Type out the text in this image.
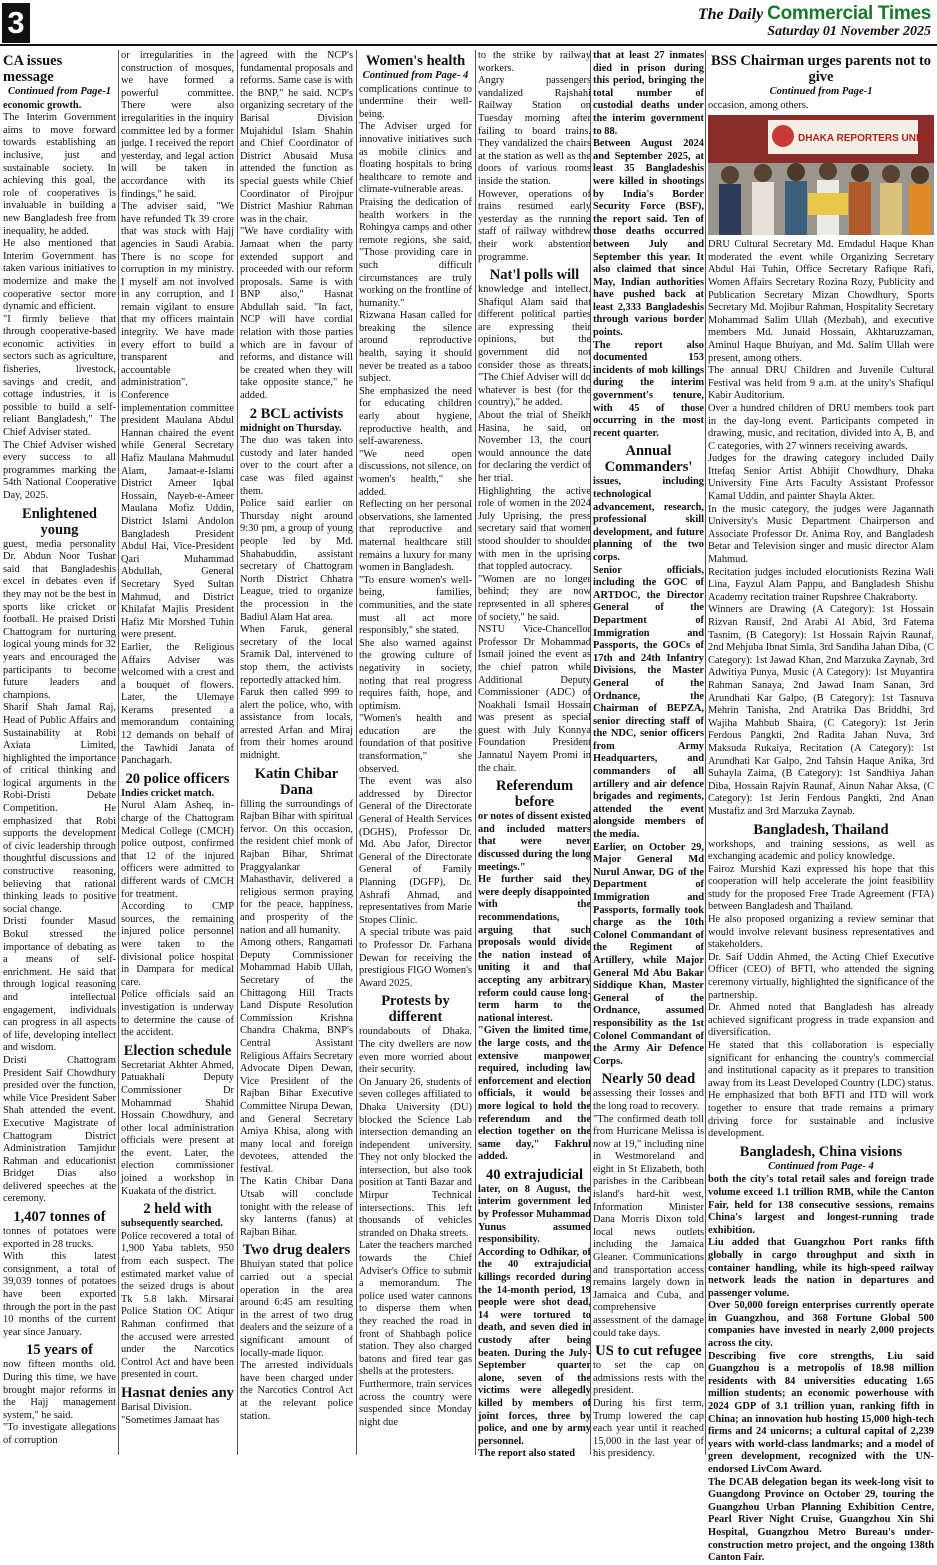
3	The Daily Commercial Times
Saturday 01 November 2025
CA issues message
Continued from Page-1

economic growth.

The Interim Government aims to move forward towards establishing an inclusive, just and sustainable society. In achieving this goal, the role of cooperatives is invaluable in building a new Bangladesh free from inequality, he added.

He also mentioned that Interim Government has taken various initiatives to modernize and make the cooperative sector more dynamic and efficient.

"I firmly believe that through cooperative-based economic activities in sectors such as agriculture, fisheries, livestock, savings and credit, and cottage industries, it is possible to build a self-reliant Bangladesh," The Chief Adviser stated.

The Chief Adviser wished every success to all programmes marking the 54th National Cooperative Day, 2025.

Enlightened young

guest, media personality Dr. Abdun Noor Tushar said that Bangladeshis excel in debates even if they may not be the best in sports like cricket or football. He praised Dristi Chattogram for nurturing logical young minds for 32 years and encouraged the participants to become future leaders and champions.

Sharif Shah Jamal Raj, Head of Public Affairs and Sustainability at Robi Axiata Limited, highlighted the importance of critical thinking and logical arguments in the Robi-Dristi Debate Competition. He emphasized that Robi supports the development of civic leadership through thoughtful discussions and constructive reasoning, believing that rational thinking leads to positive social change.

Dristi founder Masud Bokul stressed the importance of debating as a means of self-enrichment. He said that through logical reasoning and intellectual engagement, individuals can progress in all aspects of life, developing intellect and wisdom.

Dristi Chattogram President Saif Chowdhury presided over the function, while Vice President Saber Shah attended the event. Executive Magistrate of Chattogram District Administration Tamjidur Rahman and educationist Bridget Dias also delivered speeches at the ceremony.

1,407 tonnes of

tonnes of potatoes were exported in 28 trucks.

With this latest consignment, a total of 39,039 tonnes of potatoes have been exported through the port in the past 10 months of the current year since January.

15 years of

now fifteen months old. During this time, we have brought major reforms in the Hajj management system," he said.

"To investigate allegations of corruption

or irregularities in the construction of mosques, we have formed a powerful committee. There were also irregularities in the inquiry committee led by a former judge. I received the report yesterday, and legal action will be taken in accordance with its findings," he said.

The adviser said, "We have refunded Tk 39 crore that was stuck with Hajj agencies in Saudi Arabia. There is no scope for corruption in my ministry. I myself am not involved in any corruption, and I remain vigilant to ensure that my officers maintain integrity. We have made every effort to build a transparent and accountable administration".

Conference implementation committee president Maulana Abdul Hannan chaired the event while General Secretary Hafiz Maulana Mahmudul Alam, Jamaat-e-Islami District Ameer Iqbal Hossain, Nayeb-e-Ameer Maulana Mofiz Uddin, District Islami Andolon Bangladesh President Abdul Hai, Vice-President Qari Muhammad Abdullah, General Secretary Syed Sultan Mahmud, and District Khilafat Majlis President Hafiz Mir Morshed Tuhin were present.

Earlier, the Religious Affairs Adviser was welcomed with a crest and a bouquet of flowers. Later, the Ulemaye Kerams presented a memorandum containing 12 demands on behalf of the Tawhidi Janata of Panchagarh.

20 police officers

Indies cricket match.

Nurul Alam Asheq, in-charge of the Chattogram Medical College (CMCH) police outpost, confirmed that 12 of the injured officers were admitted to different wards of CMCH for treatment.

According to CMP sources, the remaining injured police personnel were taken to the divisional police hospital in Dampara for medical care.

Police officials said an investigation is underway to determine the cause of the accident.

Election schedule

Secretariat Akhter Ahmed, Patuakhali Deputy Commissioner Dr Mohammad Shahid Hossain Chowdhury, and other local administration officials were present at the event. Later, the election commissioner joined a workshop in Kuakata of the district.

2 held with

subsequently searched.

Police recovered a total of 1,900 Yaba tablets, 950 from each suspect. The estimated market value of the seized drugs is about Tk 5.8 lakh. Mirsarai Police Station OC Atiqur Rahman confirmed that the accused were arrested under the Narcotics Control Act and have been presented in court.

Hasnat denies any

Barisal Division.

"Sometimes Jamaat has

agreed with the NCP's fundamental proposals and reforms. Same case is with the BNP," he said. NCP's organizing secretary of the Barisal Division Mujahidul Islam Shahin and Chief Coordinator of District Abusaid Musa attended the function as special guests while Chief Coordinator of Pirojpur District Mashiur Rahman was in the chair.

"We have cordiality with Jamaat when the party extended support and proceeded with our reform proposals. Same is with BNP also," Hasnat Abdullah said. "In fact, NCP will have cordial relation with those parties which are in favour of reforms, and distance will be created when they will take opposite stance," he added.

2 BCL activists

midnight on Thursday.

The duo was taken into custody and later handed over to the court after a case was filed against them.

Police said earlier on Thursday night around 9:30 pm, a group of young people led by Md. Shahabuddin, assistant secretary of Chattogram North District Chhatra League, tried to organize the procession in the Badiul Alam Hat area.

When Faruk, general secretary of the local Sramik Dal, intervened to stop them, the activists reportedly attacked him.

Faruk then called 999 to alert the police, who, with assistance from locals, arrested Arfan and Miraj from their homes around midnight.

Katin Chibar Dana

filling the surroundings of Rajban Bihar with spiritual fervor. On this occasion, the resident chief monk of Rajban Bihar, Shrimat Praggyalankar Mahasthavir, delivered a religious sermon praying for the peace, happiness, and prosperity of the nation and all humanity.

Among others, Rangamati Deputy Commissioner Mohammad Habib Ullah, Secretary of the Chittagong Hill Tracts Land Dispute Resolution Commission Krishna Chandra Chakma, BNP's Central Assistant Religious Affairs Secretary Advocate Dipen Dewan, Vice President of the Rajban Bihar Executive Committee Nirupa Dewan, and General Secretary Amiya Khisa, along with many local and foreign devotees, attended the festival.

The Katin Chibar Dana Utsab will conclude tonight with the release of sky lanterns (fanus) at Rajban Bihar.

Two drug dealers

Bhuiyan stated that police carried out a special operation in the area around 6:45 am resulting in the arrest of two drug dealers and the seizure of a significant amount of locally-made liquor.

The arrested individuals have been charged under the Narcotics Control Act at the relevant police station.

Women's health
Continued from Page- 4

complications continue to undermine their well-being.

The Adviser urged for innovative initiatives such as mobile clinics and floating hospitals to bring healthcare to remote and climate-vulnerable areas.

Praising the dedication of health workers in the Rohingya camps and other remote regions, she said, "Those providing care in such difficult circumstances are truly working on the frontline of humanity."

Rizwana Hasan called for breaking the silence around reproductive health, saying it should never be treated as a taboo subject.

She emphasized the need for educating children early about hygiene, reproductive health, and self-awareness.

"We need open discussions, not silence, on women's health," she added.

Reflecting on her personal observations, she lamented that reproductive and maternal healthcare still remains a luxury for many women in Bangladesh.

"To ensure women's well-being, families, communities, and the state must all act more responsibly," she stated.

She also warned against the growing culture of negativity in society, noting that real progress requires faith, hope, and optimism.

"Women's health and education are the foundation of that positive transformation," she observed.

The event was also addressed by Director General of the Directorate General of Health Services (DGHS), Professor Dr. Md. Abu Jafor, Director General of the Directorate General of Family Planning (DGFP), Dr. Ashrafi Ahmad, and representatives from Marie Stopes Clinic.

A special tribute was paid to Professor Dr. Farhana Dewan for receiving the prestigious FIGO Women's Award 2025.

Protests by different

roundabouts of Dhaka. The city dwellers are now even more worried about their security.

On January 26, students of seven colleges affiliated to Dhaka University (DU) blocked the Science Lab intersection demanding an independent university. They not only blocked the intersection, but also took position at Tanti Bazar and Mirpur Technical intersections. This left thousands of vehicles stranded on Dhaka streets.

Later the teachers marched towards the Chief Adviser's Office to submit a memorandum. The police used water cannons to disperse them when they reached the road in front of Shahbagh police station. They also charged batons and fired tear gas shells at the protesters.

Furthermore, train services across the country were suspended since Monday night due

to the strike by railway workers.

Angry passengers vandalized Rajshahi Railway Station on Tuesday morning after failing to board trains. They vandalized the chairs at the station as well as the doors of various rooms inside the station.

However, operations of trains resumed early yesterday as the running staff of railway withdrew their work abstention programme.

Nat'l polls will

knowledge and intellect. Shafiqul Alam said that different political parties are expressing their opinions, but the government did not consider those as threats. "The Chief Adviser will do whatever is best (for the country)," he added.

About the trial of Sheikh Hasina, he said, on November 13, the court would announce the date for declaring the verdict of her trial.

Highlighting the active role of women in the 2024 July Uprising, the press secretary said that women stood shoulder to shoulder with men in the uprising that toppled autocracy.

"Women are no longer behind; they are now represented in all spheres of society," he said.

NSTU Vice-Chancellor Professor Dr Mohammad Ismail joined the event as the chief patron while Additional Deputy Commissioner (ADC) of Noakhali Ismail Hossain was present as special guest with July Konnya Foundation President Jannatul Nayem Promi in the chair.

Referendum before

or notes of dissent existed and included matters that were never discussed during the long meetings."

He further said they were deeply disappointed with the recommendations, arguing that such proposals would divide the nation instead of uniting it and that accepting any arbitrary reform could cause long-term harm to the national interest.

"Given the limited time, the large costs, and the extensive manpower required, including law enforcement and election officials, it would be more logical to hold the referendum and the election together on the same day," Fakhrul added.

40 extrajudicial

later, on 8 August, the interim government led by Professor Muhammad Yunus assumed responsibility.

According to Odhikar, of the 40 extrajudicial killings recorded during the 14-month period, 19 people were shot dead, 14 were tortured to death, and seven died in custody after being beaten. During the July-September quarter alone, seven of the victims were allegedly killed by members of joint forces, three by police, and one by army personnel.

The report also stated

that at least 27 inmates died in prison during this period, bringing the total number of custodial deaths under the interim government to 88.

Between August 2024 and September 2025, at least 35 Bangladeshis were killed in shootings by India's Border Security Force (BSF), the report said. Ten of those deaths occurred between July and September this year. It also claimed that since May, Indian authorities have pushed back at least 2,333 Bangladeshis through various border points.

The report also documented 153 incidents of mob killings during the interim government's tenure, with 45 of those occurring in the most recent quarter.

Annual Commanders'

issues, including technological advancement, research, professional skill development, and future planning of the two corps.

Senior officials, including the GOC of ARTDOC, the Director General of the Department of Immigration and Passports, the GOCs of 17th and 24th Infantry Divisions, the Master General of the Ordnance, the Chairman of BEPZA, senior directing staff of the NDC, senior officers from Army Headquarters, and commanders of all artillery and air defence brigades and regiments, attended the event alongside members of the media.

Earlier, on October 29, Major General Md Nurul Anwar, DG of the Department of Immigration and Passports, formally took charge as the 10th Colonel Commandant of the Regiment of Artillery, while Major General Md Abu Bakar Siddique Khan, Master General of the Ordnance, assumed responsibility as the 1st Colonel Commandant of the Army Air Defence Corps.

Nearly 50 dead

assessing their losses and the long road to recovery.

"The confirmed death toll from Hurricane Melissa is now at 19," including nine in Westmoreland and eight in St Elizabeth, both parishes in the Caribbean island's hard-hit west, Information Minister Dana Morris Dixon told local news outlets including the Jamaica Gleaner. Communications and transportation access remains largely down in Jamaica and Cuba, and comprehensive assessment of the damage could take days.

US to cut refugee

to set the cap on admissions rests with the president.

During his first term, Trump lowered the cap each year until it reached 15,000 in the last year of his presidency.

BSS Chairman urges parents not to give
Continued from Page-1

occasion, among others.

DHAKA REPORTERS UNITY

DRU Cultural Secretary Md. Emdadul Haque Khan moderated the event while Organizing Secretary Abdul Hai Tuhin, Office Secretary Rafique Rafi, Women Affairs Secretary Rozina Rozy, Publicity and Publication Secretary Mizan Chowdhury, Sports Secretary Md. Mojibur Rahman, Hospitality Secretary Mohammad Salim Ullah (Mezbah), and executive members Md. Junaid Hossain, Akhtaruzzaman, Aminul Haque Bhuiyan, and Md. Salim Ullah were present, among others.

The annual DRU Children and Juvenile Cultural Festival was held from 9 a.m. at the unity's Shafiqul Kabir Auditorium.

Over a hundred children of DRU members took part in the day-long event. Participants competed in drawing, music, and recitation, divided into A, B, and C categories, with 27 winners receiving awards.

Judges for the drawing category included Daily Ittefaq Senior Artist Abhijit Chowdhury, Dhaka University Fine Arts Faculty Assistant Professor Kamal Uddin, and painter Shayla Akter.

In the music category, the judges were Jagannath University's Music Department Chairperson and Associate Professor Dr. Anima Roy, and Bangladesh Betar and Television singer and music director Alam Mahmud.

Recitation judges included elocutionists Rezina Wali Lina, Fayzul Alam Pappu, and Bangladesh Shishu Academy recitation trainer Rupshree Chakraborty.

Winners are Drawing (A Category): 1st Hossain Rizvan Rausif, 2nd Arabi Al Abid, 3rd Fatema Tasnim, (B Category): 1st Hossain Rajvin Raunaf, 2nd Mehjuba Ibnat Simla, 3rd Sandiha Jahan Diba, (C Category): 1st Jawad Khan, 2nd Marzuka Zaynab, 3rd Adwitiya Punya, Music (A Category): 1st Muyantira Rahman Sanaya, 2nd Jawad Inam Sanan, 3rd Arundhati Kar Galpo, (B Category): 1st Tasnuva Mehrin Tanisha, 2nd Aratrika Das Briddhi, 3rd Wajiha Mahbub Shaira, (C Category): 1st Jerin Ferdous Pangkti, 2nd Radita Jahan Nuva, 3rd Maksuda Rukaiya, Recitation (A Category): 1st Arundhati Kar Galpo, 2nd Tahsin Haque Anika, 3rd Suhayla Zaima, (B Category): 1st Sandhiya Jahan Diba, Hossain Rajvin Raunaf, Ainun Nahar Aksa, (C Category): 1st Jerin Ferdous Pangkti, 2nd Anan Mustafiz and 3rd Marzuka Zaynab.

Bangladesh, Thailand

workshops, and training sessions, as well as exchanging academic and policy knowledge.

Fairoz Murshid Kazi expressed his hope that this cooperation will help accelerate the joint feasibility study for the proposed Free Trade Agreement (FTA) between Bangladesh and Thailand.

He also proposed organizing a review seminar that would involve relevant business representatives and stakeholders.

Dr. Saif Uddin Ahmed, the Acting Chief Executive Officer (CEO) of BFTI, who attended the signing ceremony virtually, highlighted the significance of the partnership.

Dr. Ahmed noted that Bangladesh has already achieved significant progress in trade expansion and diversification.

He stated that this collaboration is especially significant for enhancing the country's commercial and institutional capacity as it prepares to transition away from its Least Developed Country (LDC) status. He emphasized that both BFTI and ITD will work together to ensure that trade remains a primary driving force for sustainable and inclusive development.

Bangladesh, China visions
Continued from Page- 4

both the city's total retail sales and foreign trade volume exceed 1.1 trillion RMB, while the Canton Fair, held for 138 consecutive sessions, remains China's largest and longest-running trade exhibition.

Liu added that Guangzhou Port ranks fifth globally in cargo throughput and sixth in container handling, while its high-speed railway network leads the nation in departures and passenger volume.

Over 50,000 foreign enterprises currently operate in Guangzhou, and 368 Fortune Global 500 companies have invested in nearly 2,000 projects across the city.

Describing five core strengths, Liu said Guangzhou is a metropolis of 18.98 million residents with 84 universities educating 1.65 million students; an economic powerhouse with 2024 GDP of 3.1 trillion yuan, ranking fifth in China; an innovation hub hosting 15,000 high-tech firms and 24 unicorns; a cultural capital of 2,239 years with world-class landmarks; and a model of green development, recognized with the UN-endorsed LivCom Award.

The DCAB delegation began its week-long visit to Guangdong Province on October 29, touring the Guangzhou Urban Planning Exhibition Centre, Pearl River Night Cruise, Guangzhou Xin Shi Hospital, Guangzhou Metro Bureau's under-construction metro project, and the ongoing 138th Canton Fair.
